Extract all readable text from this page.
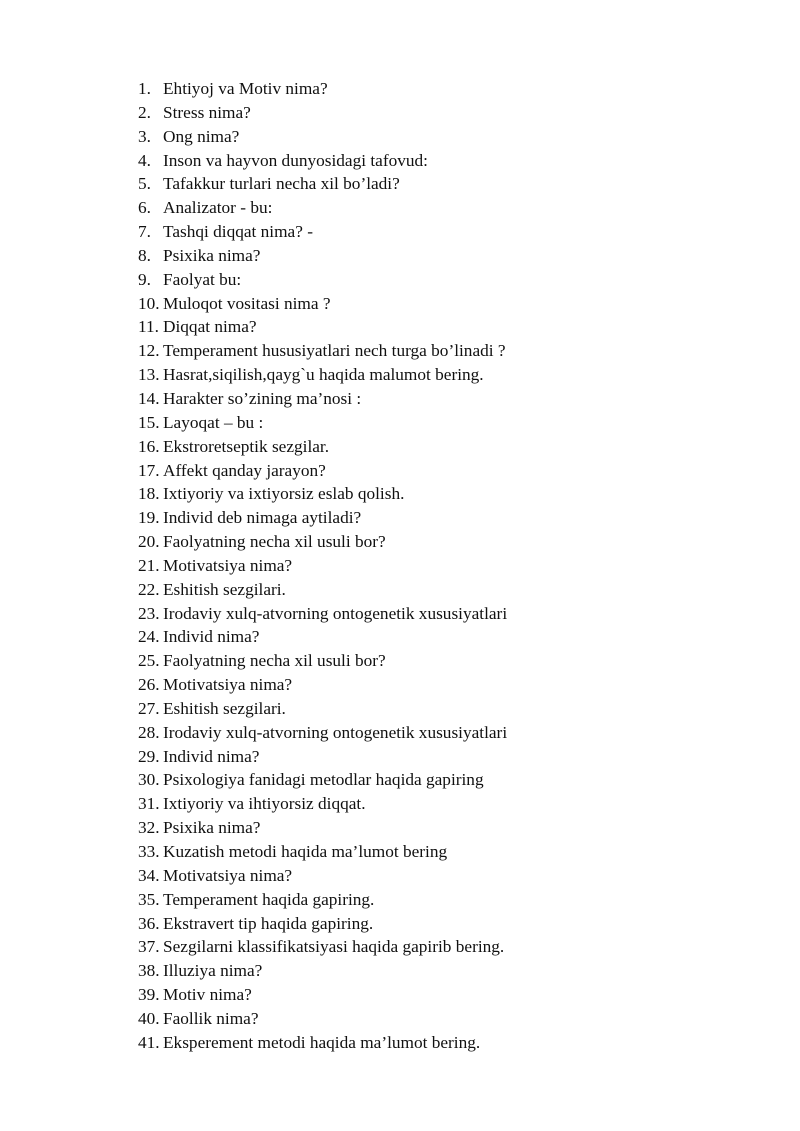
1. Ehtiyoj va Motiv nima?
2. Stress nima?
3. Ong nima?
4. Inson va hayvon dunyosidagi tafovud:
5. Tafakkur turlari necha xil bo’ladi?
6. Analizator - bu:
7. Tashqi diqqat nima? -
8. Psixika nima?
9. Faolyat bu:
10. Muloqot vositasi nima ?
11. Diqqat nima?
12. Temperament hususiyatlari nech turga bo’linadi ?
13. Hasrat,siqilish,qayg`u haqida malumot bering.
14. Harakter so’zining ma’nosi :
15. Layoqat – bu :
16. Ekstroretseptik sezgilar.
17. Affekt qanday jarayon?
18. Ixtiyoriy va ixtiyorsiz eslab qolish.
19. Individ deb nimaga aytiladi?
20. Faolyatning necha xil usuli bor?
21. Motivatsiya nima?
22. Eshitish sezgilari.
23. Irodaviy xulq-atvorning ontogenetik xususiyatlari
24. Individ nima?
25. Faolyatning necha xil usuli bor?
26. Motivatsiya nima?
27. Eshitish sezgilari.
28. Irodaviy xulq-atvorning ontogenetik xususiyatlari
29. Individ nima?
30. Psixologiya fanidagi metodlar haqida gapiring
31. Ixtiyoriy va ihtiyorsiz diqqat.
32. Psixika nima?
33. Kuzatish metodi haqida ma’lumot bering
34. Motivatsiya nima?
35. Temperament haqida gapiring.
36. Ekstravert tip haqida gapiring.
37. Sezgilarni klassifikatsiyasi haqida gapirib bering.
38. Illuziya nima?
39. Motiv nima?
40. Faollik nima?
41. Eksperement metodi haqida ma’lumot bering.
